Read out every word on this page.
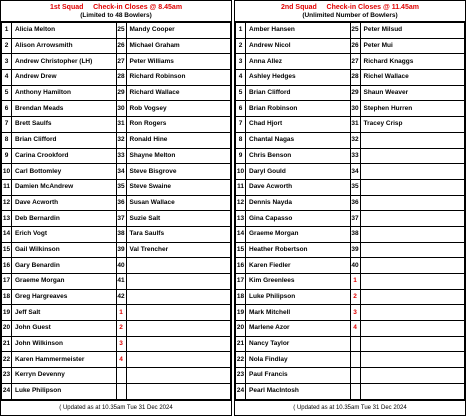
1st Squad Check-in Closes @ 8.45am
(Limited to 48 Bowlers)
1	Alicia Melton	25	Mandy Cooper
2	Alison Arrowsmith	26	Michael Graham
3	Andrew Christopher (LH)	27	Peter Williams
4	Andrew Drew	28	Richard Robinson
5	Anthony Hamilton	29	Richard Wallace
6	Brendan Meads	30	Rob Vogsey
7	Brett Saulfs	31	Ron Rogers
8	Brian Clifford	32	Ronald Hine
9	Carina Crookford	33	Shayne Melton
10	Carl Bottomley	34	Steve Bisgrove
11	Damien McAndrew	35	Steve Swaine
12	Dave Acworth	36	Susan Wallace
13	Deb Bernardin	37	Suzie Salt
14	Erich Vogt	38	Tara Saulfs
15	Gail Wilkinson	39	Val Trencher
16	Gary Benardin	40	
17	Graeme Morgan	41	
18	Greg Hargreaves	42	
19	Jeff Salt	1	
20	John Guest	2	
21	John Wilkinson	3	
22	Karen Hammermeister	4	
23	Kerryn Devenny		
24	Luke Philipson		
( Updated as at 10.35am Tue 31 Dec 2024
2nd Squad Check-in Closes @ 11.45am
(Unlimited Number of Bowlers)
1	Amber Hansen	25	Peter Milsud
2	Andrew Nicol	26	Peter Mui
3	Anna Allez	27	Richard Knaggs
4	Ashley Hedges	28	Richel Wallace
5	Brian Clifford	29	Shaun Weaver
6	Brian Robinson	30	Stephen Hurren
7	Chad Hjort	31	Tracey Crisp
8	Chantal Nagas	32	
9	Chris Benson	33	
10	Daryl Gould	34	
11	Dave Acworth	35	
12	Dennis Nayda	36	
13	Gina Capasso	37	
14	Graeme Morgan	38	
15	Heather Robertson	39	
16	Karen Fiedler	40	
17	Kim Greenlees	1	
18	Luke Philipson	2	
19	Mark Mitchell	3	
20	Marlene Azor	4	
21	Nancy Taylor		
22	Nola Findlay		
23	Paul Francis		
24	Pearl MacIntosh		
( Updated as at 10.35am Tue 31 Dec 2024
